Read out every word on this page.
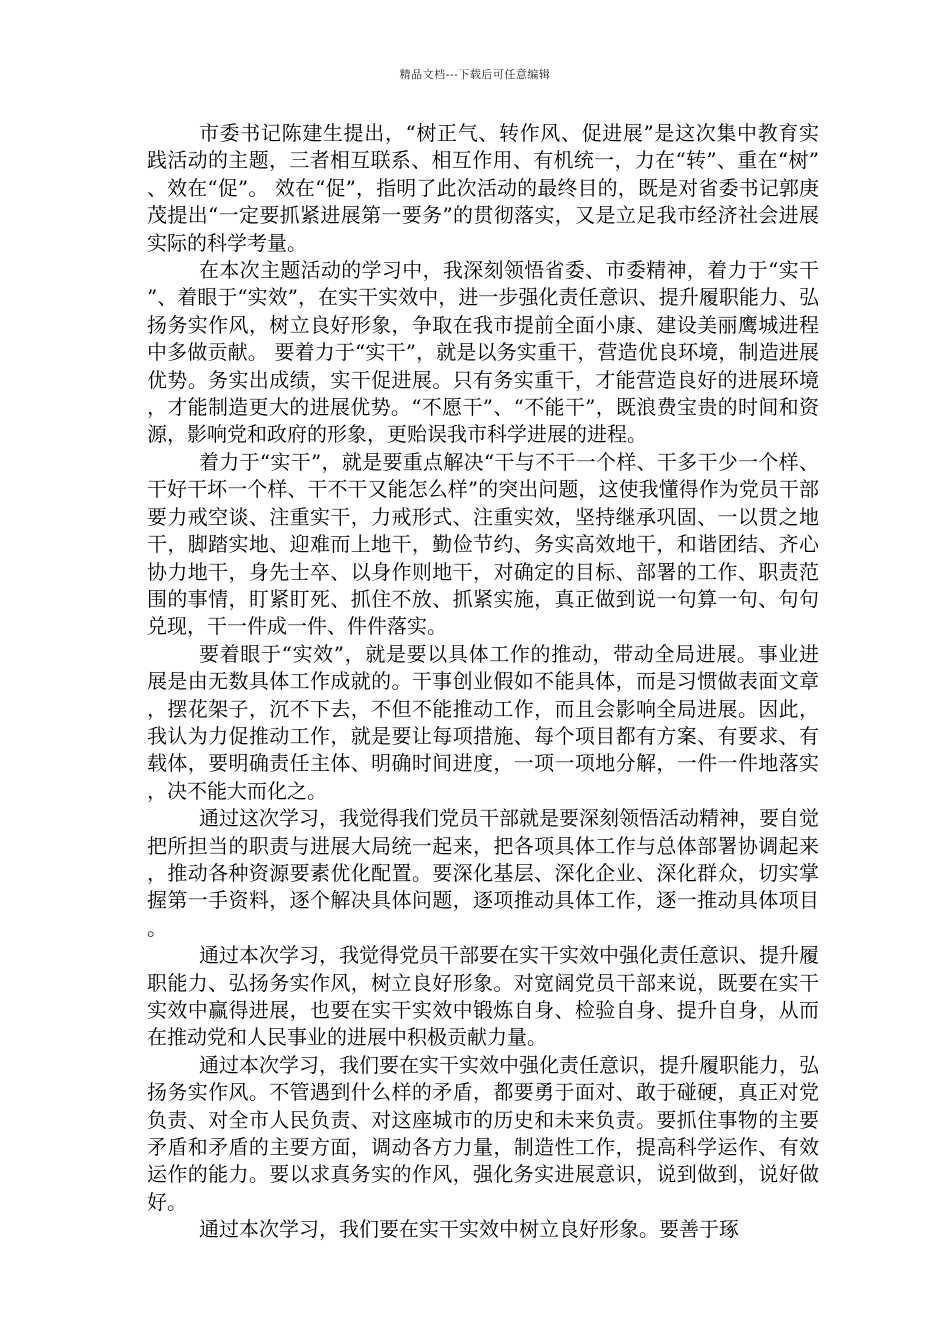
精品文档---下载后可任意编辑

市委书记陈建生提出，“树正气、转作风、促进展”是这次集中教育实践活动的主题，三者相互联系、相互作用、有机统一，力在“转”、重在“树”、效在“促”。 效在“促”，指明了此次活动的最终目的，既是对省委书记郭庚茂提出“一定要抓紧进展第一要务”的贯彻落实，又是立足我市经济社会进展实际的科学考量。

在本次主题活动的学习中，我深刻领悟省委、市委精神，着力于“实干”、着眼于“实效”，在实干实效中，进一步强化责任意识、提升履职能力、弘扬务实作风，树立良好形象，争取在我市提前全面小康、建设美丽鹰城进程中多做贡献。 要着力于“实干”，就是以务实重干，营造优良环境，制造进展优势。务实出成绩，实干促进展。只有务实重干，才能营造良好的进展环境，才能制造更大的进展优势。“不愿干”、“不能干”，既浪费宝贵的时间和资源，影响党和政府的形象，更贻误我市科学进展的进程。

着力于“实干”，就是要重点解决“干与不干一个样、干多干少一个样、干好干坏一个样、干不干又能怎么样”的突出问题，这使我懂得作为党员干部要力戒空谈、注重实干，力戒形式、注重实效，坚持继承巩固、一以贯之地干，脚踏实地、迎难而上地干，勤俭节约、务实高效地干，和谐团结、齐心协力地干，身先士卒、以身作则地干，对确定的目标、部署的工作、职责范围的事情，盯紧盯死、抓住不放、抓紧实施，真正做到说一句算一句、句句兑现，干一件成一件、件件落实。

要着眼于“实效”，就是要以具体工作的推动，带动全局进展。事业进展是由无数具体工作成就的。干事创业假如不能具体，而是习惯做表面文章，摆花架子，沉不下去，不但不能推动工作，而且会影响全局进展。因此，我认为力促推动工作，就是要让每项措施、每个项目都有方案、有要求、有载体，要明确责任主体、明确时间进度，一项一项地分解，一件一件地落实，决不能大而化之。

通过这次学习，我觉得我们党员干部就是要深刻领悟活动精神，要自觉把所担当的职责与进展大局统一起来，把各项具体工作与总体部署协调起来，推动各种资源要素优化配置。要深化基层、深化企业、深化群众，切实掌握第一手资料，逐个解决具体问题，逐项推动具体工作，逐一推动具体项目。

通过本次学习，我觉得党员干部要在实干实效中强化责任意识、提升履职能力、弘扬务实作风，树立良好形象。对宽阔党员干部来说，既要在实干实效中赢得进展，也要在实干实效中锻炼自身、检验自身、提升自身，从而在推动党和人民事业的进展中积极贡献力量。

通过本次学习，我们要在实干实效中强化责任意识，提升履职能力，弘扬务实作风。不管遇到什么样的矛盾，都要勇于面对、敢于碰硬，真正对党负责、对全市人民负责、对这座城市的历史和未来负责。要抓住事物的主要矛盾和矛盾的主要方面，调动各方力量，制造性工作，提高科学运作、有效运作的能力。要以求真务实的作风，强化务实进展意识，说到做到，说好做好。

通过本次学习，我们要在实干实效中树立良好形象。要善于琢
